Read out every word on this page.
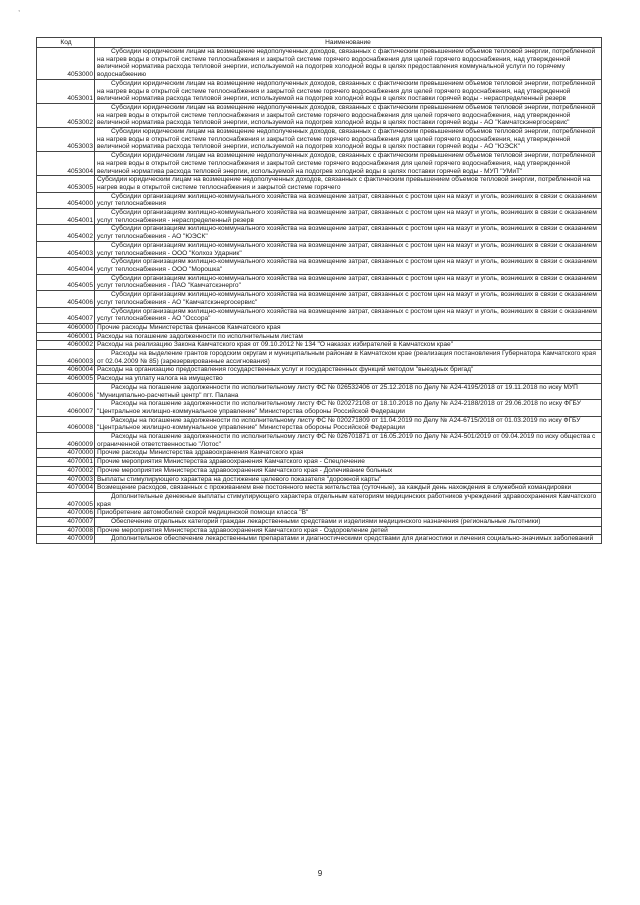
,
Код	Наименование
4053000	Субсидии юридическим лицам на возмещение недополученных доходов, связанных с фактическим превышением объемов тепловой энергии, потребленной на нагрев воды в открытой системе теплоснабжения и закрытой системе горячего водоснабжения для целей горячего водоснабжения, над утвержденной величиной норматива расхода тепловой энергии, используемой на подогрев холодной воды в целях предоставления коммунальной услуги по горячему водоснабжению
4053001	Субсидии юридическим лицам на возмещение недополученных доходов, связанных с фактическим превышением объемов тепловой энергии, потребленной на нагрев воды в открытой системе теплоснабжения и закрытой системе горячего водоснабжения для целей горячего водоснабжения, над утвержденной величиной норматива расхода тепловой энергии, используемой на подогрев холодной воды в целях поставки горячей воды - нераспределенный резерв
4053002	Субсидии юридическим лицам на возмещение недополученных доходов, связанных с фактическим превышением объемов тепловой энергии, потребленной на нагрев воды в открытой системе теплоснабжения и закрытой системе горячего водоснабжения для целей горячего водоснабжения, над утвержденной величиной норматива расхода тепловой энергии, используемой на подогрев холодной воды в целях поставки горячей воды - АО "Камчатскэнергосервис"
4053003	Субсидии юридическим лицам на возмещение недополученных доходов, связанных с фактическим превышением объемов тепловой энергии, потребленной на нагрев воды в открытой системе теплоснабжения и закрытой системе горячего водоснабжения для целей горячего водоснабжения, над утвержденной величиной норматива расхода тепловой энергии, используемой на подогрев холодной воды в целях поставки горячей воды - АО "ЮЭСК"
4053004	Субсидии юридическим лицам на возмещение недополученных доходов, связанных с фактическим превышением объемов тепловой энергии, потребленной на нагрев воды в открытой системе теплоснабжения и закрытой системе горячего водоснабжения для целей горячего водоснабжения, над утвержденной величиной норматива расхода тепловой энергии, используемой на подогрев холодной воды в целях поставки горячей воды - МУП "УМиТ"
4053005	Субсидии юридическим лицам на возмещение недополученных доходов, связанных с фактическим превышением объемов тепловой энергии, потребленной на нагрев воды в открытой системе теплоснабжения и закрытой системе горячего
4054000	Субсидии организациям жилищно-коммунального хозяйства на возмещение затрат, связанных с ростом цен на мазут и уголь, возникших в связи с оказанием услуг теплоснабжения
4054001	Субсидии организациям жилищно-коммунального хозяйства на возмещение затрат, связанных с ростом цен на мазут и уголь, возникших в связи с оказанием услуг теплоснабжения - нераспределенный резерв
4054002	Субсидии организациям жилищно-коммунального хозяйства на возмещение затрат, связанных с ростом цен на мазут и уголь, возникших в связи с оказанием услуг теплоснабжения - АО "ЮЭСК"
4054003	Субсидии организациям жилищно-коммунального хозяйства на возмещение затрат, связанных с ростом цен на мазут и уголь, возникших в связи с оказанием услуг теплоснабжения - ООО "Колхоз Ударник"
4054004	Субсидии организациям жилищно-коммунального хозяйства на возмещение затрат, связанных с ростом цен на мазут и уголь, возникших в связи с оказанием услуг теплоснабжения - ООО "Морошка"
4054005	Субсидии организациям жилищно-коммунального хозяйства на возмещение затрат, связанных с ростом цен на мазут и уголь, возникших в связи с оказанием услуг теплоснабжения - ПАО "Камчатскэнерго"
4054006	Субсидии организациям жилищно-коммунального хозяйства на возмещение затрат, связанных с ростом цен на мазут и уголь, возникших в связи с оказанием услуг теплоснабжения - АО "Камчатскэнергосервис"
4054007	Субсидии организациям жилищно-коммунального хозяйства на возмещение затрат, связанных с ростом цен на мазут и уголь, возникших в связи с оказанием услуг теплоснабжения - АО "Оссора"
4060000	Прочие расходы Министерства финансов Камчатского края
4060001	Расходы на погашение задолженности по исполнительным листам
4060002	Расходы на реализацию Закона Камчатского края от 09.10.2012 № 134 "О наказах избирателей в Камчатском крае"
4060003	Расходы на выделение грантов городским округам и муниципальным районам в Камчатском крае (реализация постановления Губернатора Камчатского края от 02.04.2009 № 85) (зарезервированные ассигнования)
4060004	Расходы на организацию предоставления государственных услуг и государственных функций методом "выездных бригад"
4060005	Расходы на уплату налога на имущество
4060006	Расходы на погашение задолженности по исполнительному листу ФС № 026532406 от 25.12.2018 по Делу № А24-4195/2018 от 19.11.2018 по иску МУП "Муниципально-расчетный центр" пгт. Палана
4060007	Расходы на погашение задолженности по исполнительному листу ФС № 020272108 от 18.10.2018 по Делу № А24-2188/2018 от 29.06.2018 по иску ФГБУ "Центральное жилищно-коммунальное управление" Министерства обороны Российской Федерации
4060008	Расходы на погашение задолженности по исполнительному листу ФС № 020271809 от 11.04.2019 по Делу № А24-6715/2018 от 01.03.2019 по иску ФГБУ "Центральное жилищно-коммунальное управление" Министерства обороны Российской Федерации
4060009	Расходы на погашение задолженности по исполнительному листу ФС № 026701871 от 16.05.2019 по Делу № А24-501/2019 от 09.04.2019 по иску общества с ограниченной ответственностью "Лотос"
4070000	Прочие расходы Министерства здравоохранения Камчатского края
4070001	Прочие мероприятия Министерства здравоохранения Камчатского края - Спецлечение
4070002	Прочие мероприятия Министерства здравоохранения Камчатского края - Долечивание больных
4070003	Выплаты стимулирующего характера на достижение целевого показателя "дорожной карты"
4070004	Возмещение расходов, связанных с проживанием вне постоянного места жительства (суточные), за каждый день нахождения в служебной командировки
4070005	Дополнительные денежные выплаты стимулирующего характера отдельным категориям медицинских работников учреждений здравоохранения Камчатского края
4070006	Приобретение автомобилей скорой медицинской помощи класса "В"
4070007	Обеспечение отдельных категорий граждан лекарственными средствами и изделиями медицинского назначения (региональные льготники)
4070008	Прочие мероприятия Министерства здравоохранения Камчатского края - Оздоровление детей
4070009	Дополнительное обеспечение лекарственными препаратами и диагностическими средствами для диагностики и лечения социально-значимых заболеваний
9
